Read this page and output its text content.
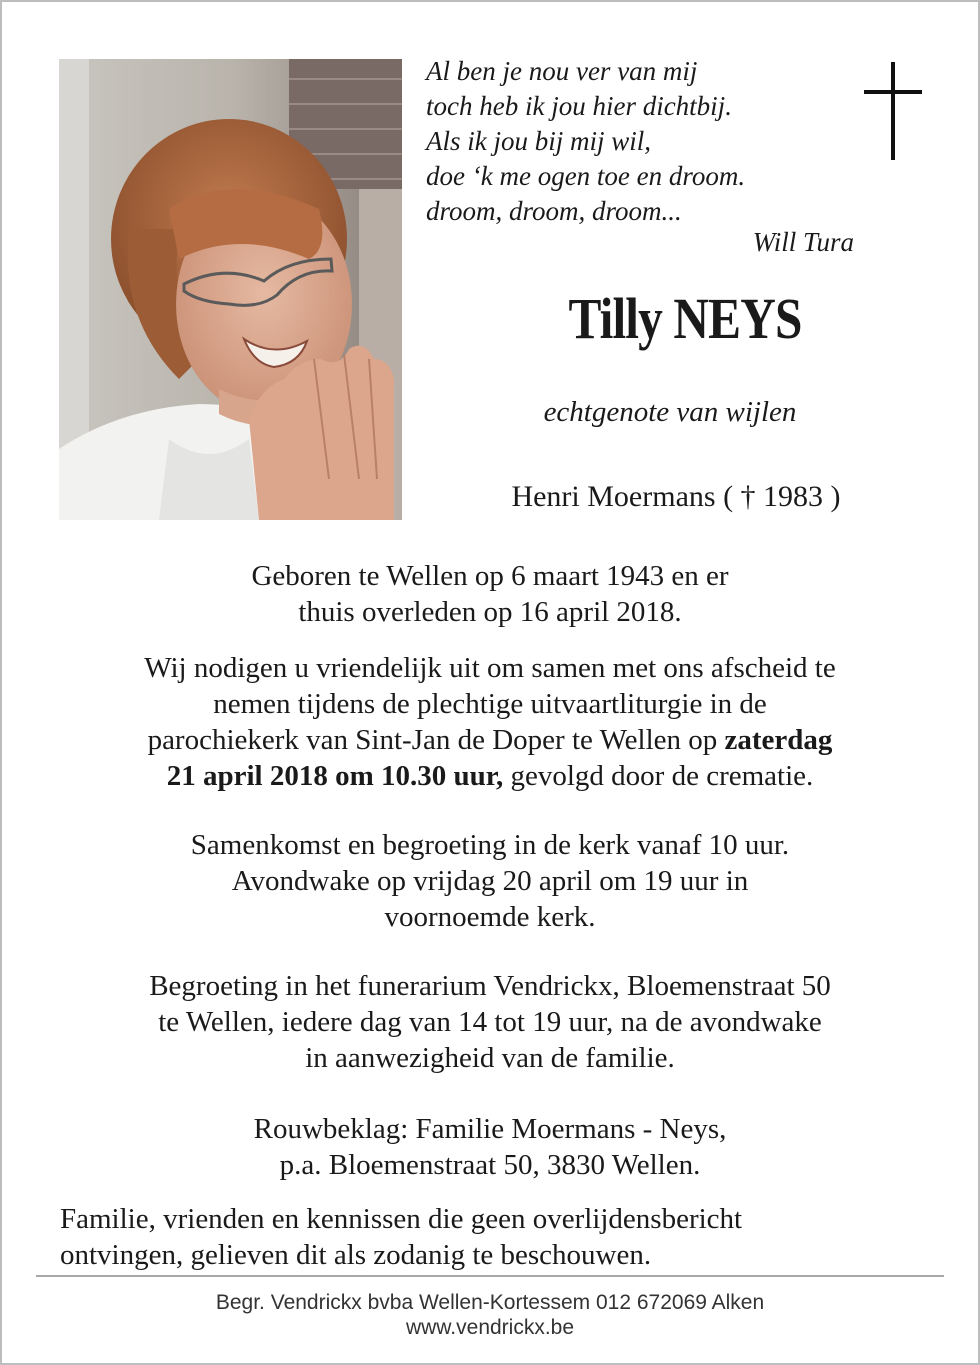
Al ben je nou ver van mij
toch heb ik jou hier dichtbij.
Als ik jou bij mij wil,
doe ‘k me ogen toe en droom.
droom, droom, droom...
Will Tura
Tilly NEYS
echtgenote van wijlen
Henri Moermans ( † 1983 )
Geboren te Wellen op 6 maart 1943 en er
thuis overleden op 16 april 2018.
Wij nodigen u vriendelijk uit om samen met ons afscheid te
nemen tijdens de plechtige uitvaartliturgie in de
parochiekerk van Sint-Jan de Doper te Wellen op zaterdag
21 april 2018 om 10.30 uur, gevolgd door de crematie.
Samenkomst en begroeting in de kerk vanaf 10 uur.
Avondwake op vrijdag 20 april om 19 uur in
voornoemde kerk.
Begroeting in het funerarium Vendrickx, Bloemenstraat 50
te Wellen, iedere dag van 14 tot 19 uur, na de avondwake
in aanwezigheid van de familie.
Rouwbeklag: Familie Moermans - Neys,
p.a. Bloemenstraat 50, 3830 Wellen.
Familie, vrienden en kennissen die geen overlijdensbericht
ontvingen, gelieven dit als zodanig te beschouwen.
Begr. Vendrickx bvba Wellen-Kortessem 012 672069 Alken
www.vendrickx.be
